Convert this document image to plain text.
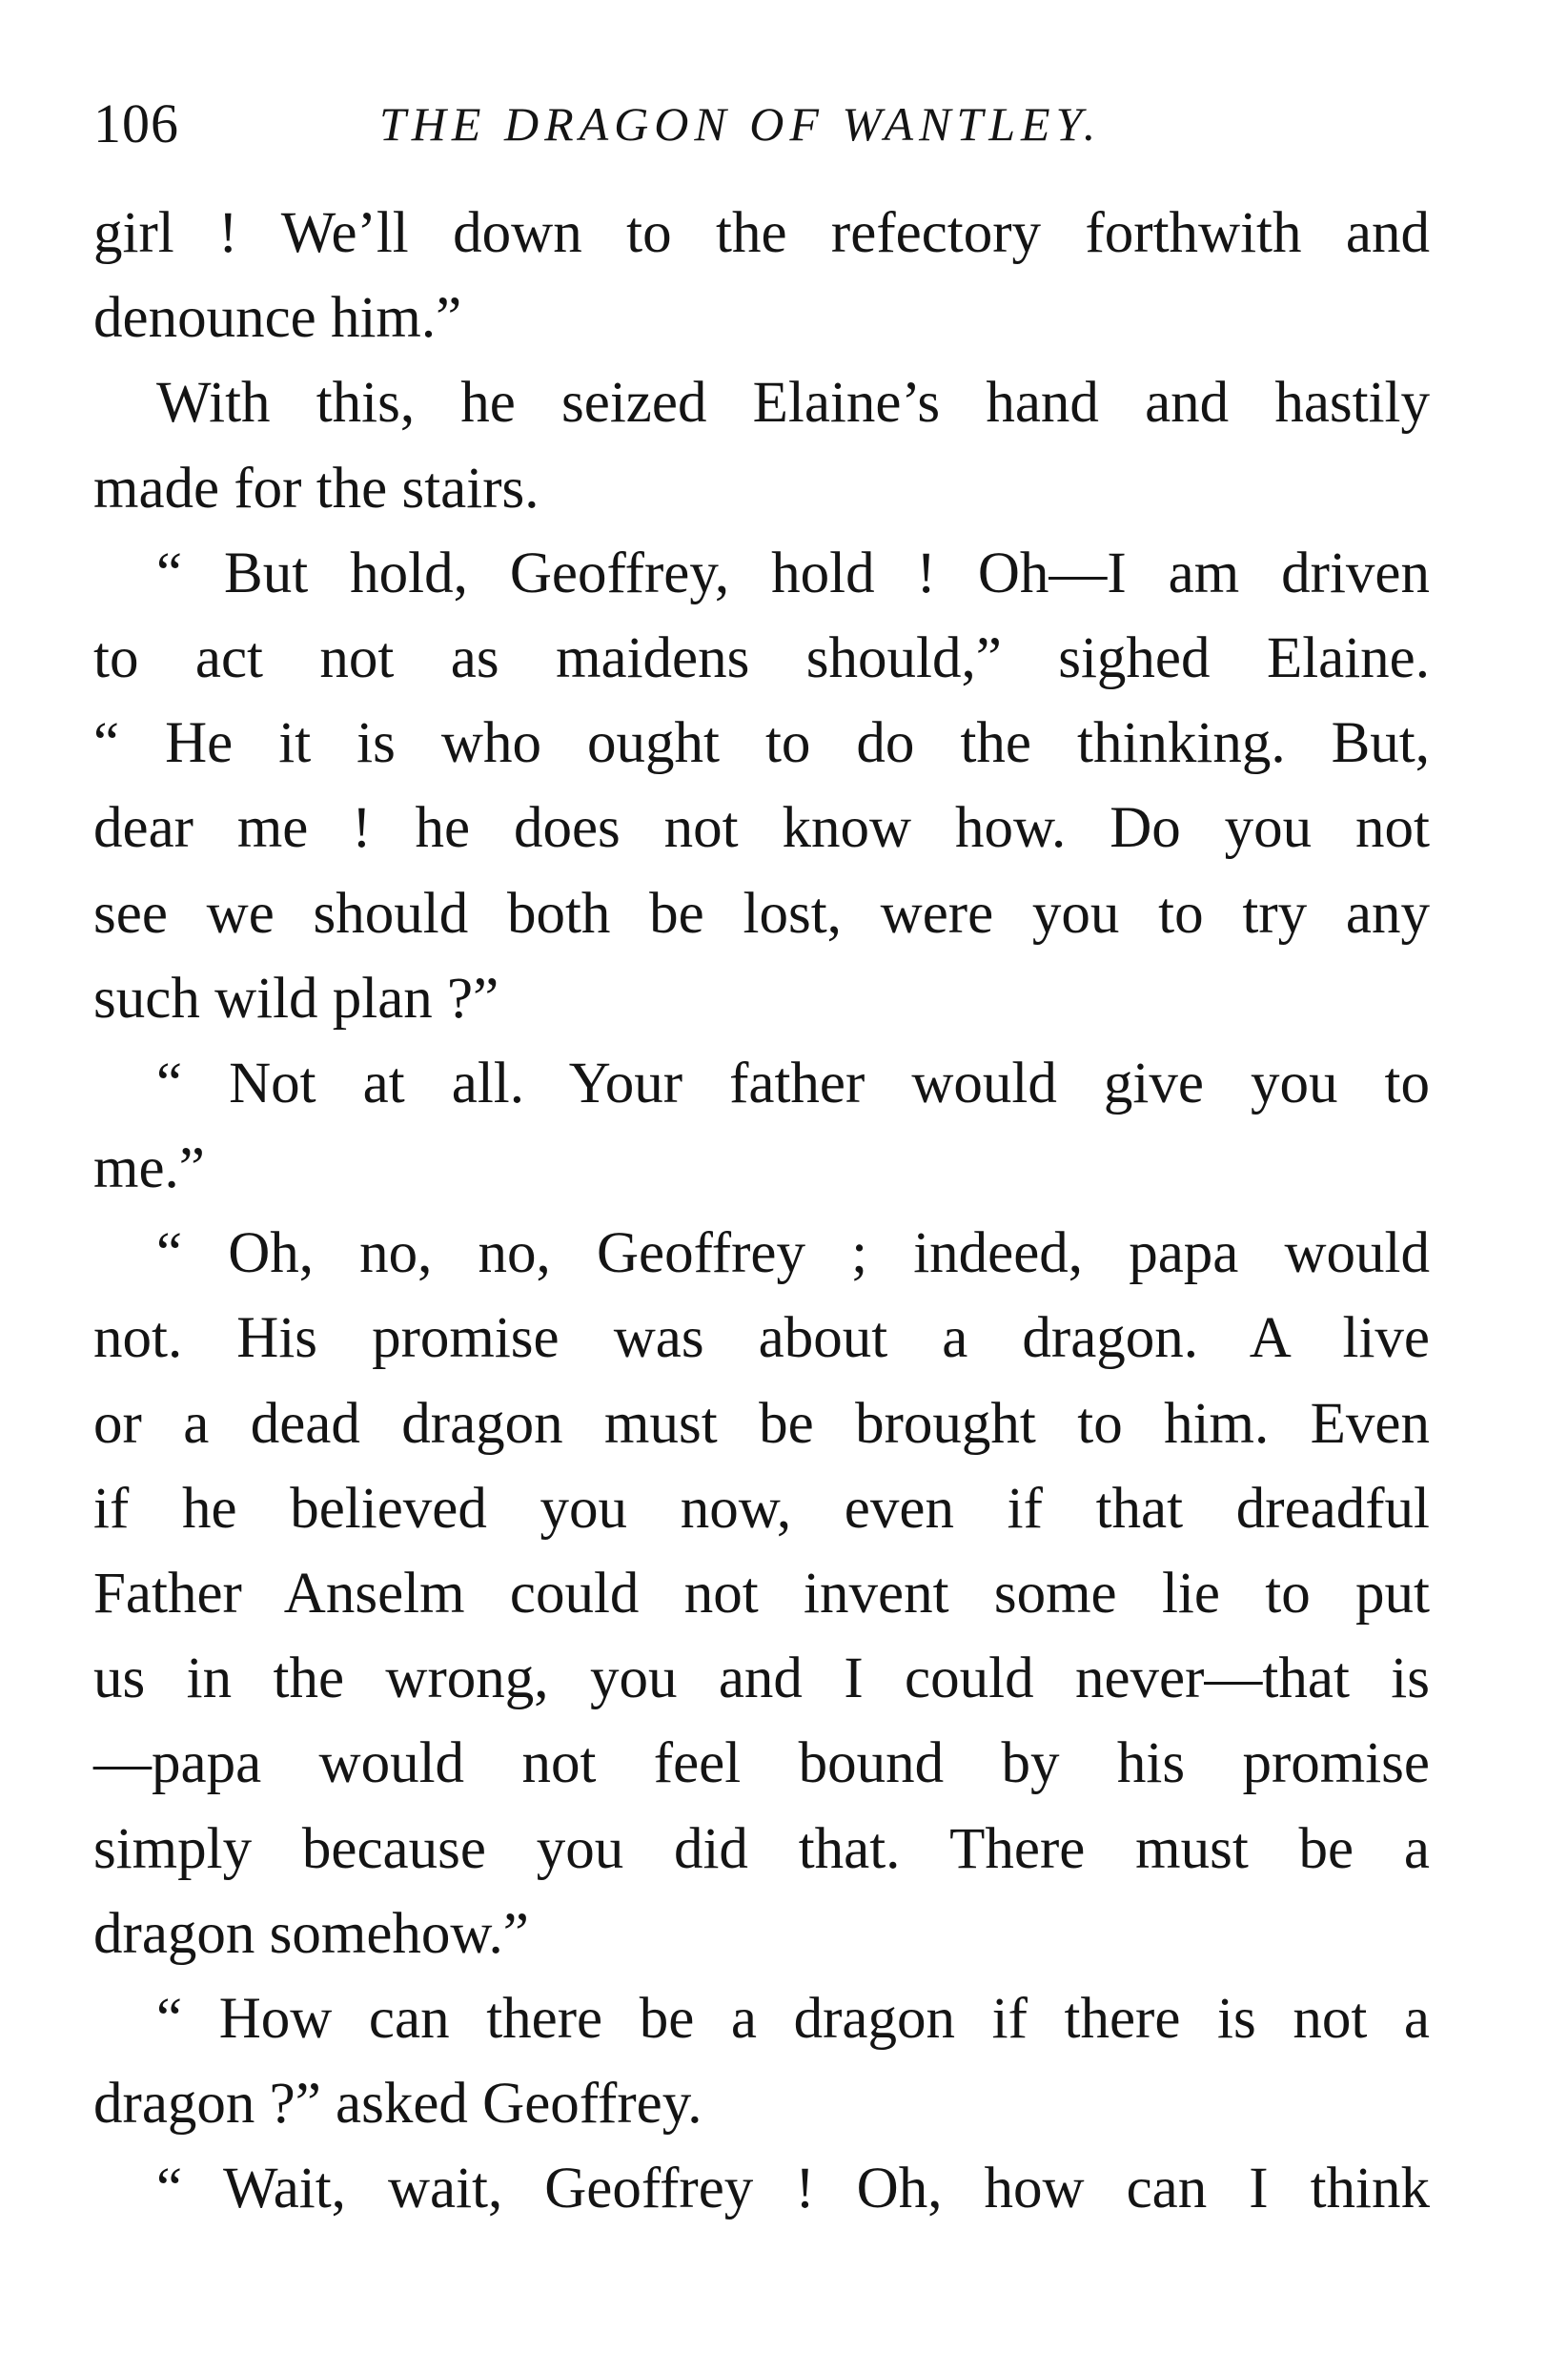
106	THE DRAGON OF WANTLEY.
girl ! We’ll down to the refectory forthwith and
denounce him.”
With this, he seized Elaine’s hand and hastily
made for the stairs.
“ But hold, Geoffrey, hold ! Oh—I am driven
to act not as maidens should,” sighed Elaine.
“ He it is who ought to do the thinking. But,
dear me ! he does not know how. Do you not
see we should both be lost, were you to try any
such wild plan ?”
“ Not at all. Your father would give you to
me.”
“ Oh, no, no, Geoffrey ; indeed, papa would
not. His promise was about a dragon. A live
or a dead dragon must be brought to him. Even
if he believed you now, even if that dreadful
Father Anselm could not invent some lie to put
us in the wrong, you and I could never—that is
—papa would not feel bound by his promise
simply because you did that. There must be a
dragon somehow.”
“ How can there be a dragon if there is not a
dragon ?” asked Geoffrey.
“ Wait, wait, Geoffrey ! Oh, how can I think
